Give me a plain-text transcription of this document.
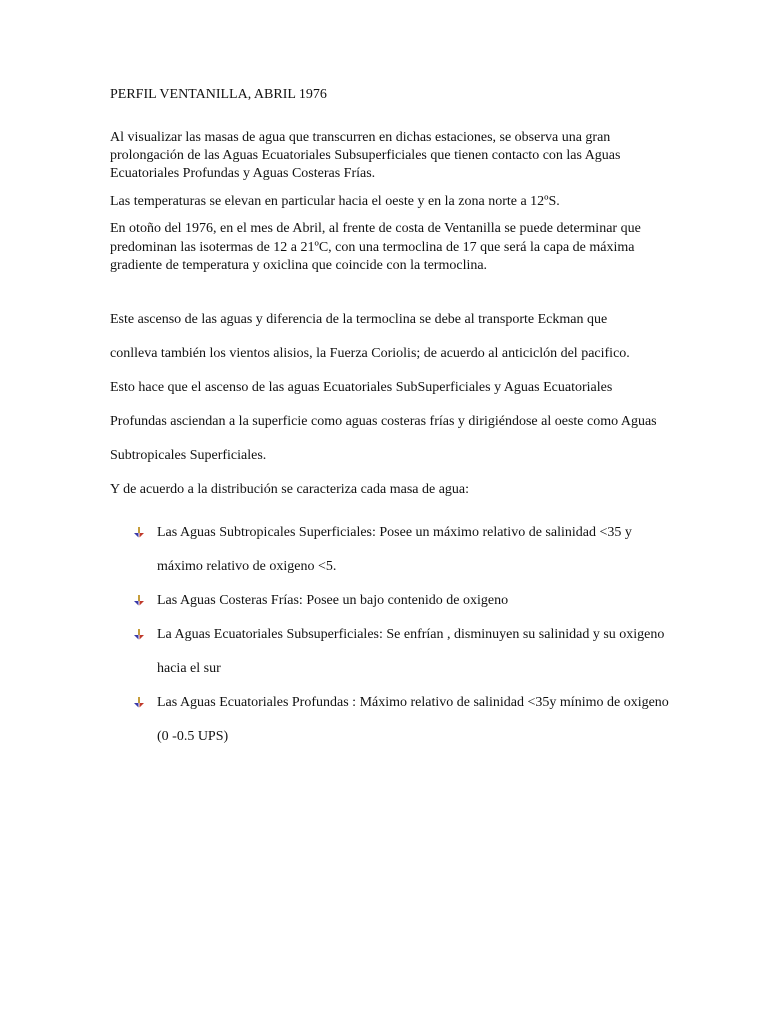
PERFIL VENTANILLA, ABRIL 1976

Al visualizar las masas de agua que transcurren en dichas estaciones, se observa una gran prolongación de las Aguas Ecuatoriales Subsuperficiales que tienen contacto con las Aguas Ecuatoriales Profundas y Aguas Costeras Frías.

Las temperaturas se elevan en particular hacia el oeste y en la zona norte a 12ºS.

En otoño del 1976, en el mes de Abril, al frente de costa de Ventanilla se puede determinar que predominan las isotermas de 12 a 21ºC, con una termoclina de 17 que será la capa de máxima gradiente de temperatura y oxiclina que coincide con la termoclina.

Este ascenso de las aguas y diferencia de la termoclina se debe al transporte Eckman que conlleva también los vientos alisios, la Fuerza Coriolis; de acuerdo al anticiclón del pacifico. Esto hace que el ascenso de las aguas Ecuatoriales SubSuperficiales y Aguas Ecuatoriales Profundas asciendan a la superficie como aguas costeras frías y dirigiéndose al oeste como Aguas Subtropicales Superficiales.

Y de acuerdo a la distribución se caracteriza cada masa de agua:

Las Aguas Subtropicales Superficiales: Posee un máximo relativo de salinidad <35 y máximo relativo de oxigeno <5.
Las Aguas Costeras Frías: Posee un bajo contenido de oxigeno
La Aguas Ecuatoriales Subsuperficiales: Se enfrían , disminuyen su salinidad y su oxigeno hacia el sur
Las Aguas Ecuatoriales Profundas : Máximo relativo de salinidad <35y mínimo de oxigeno (0 -0.5 UPS)
